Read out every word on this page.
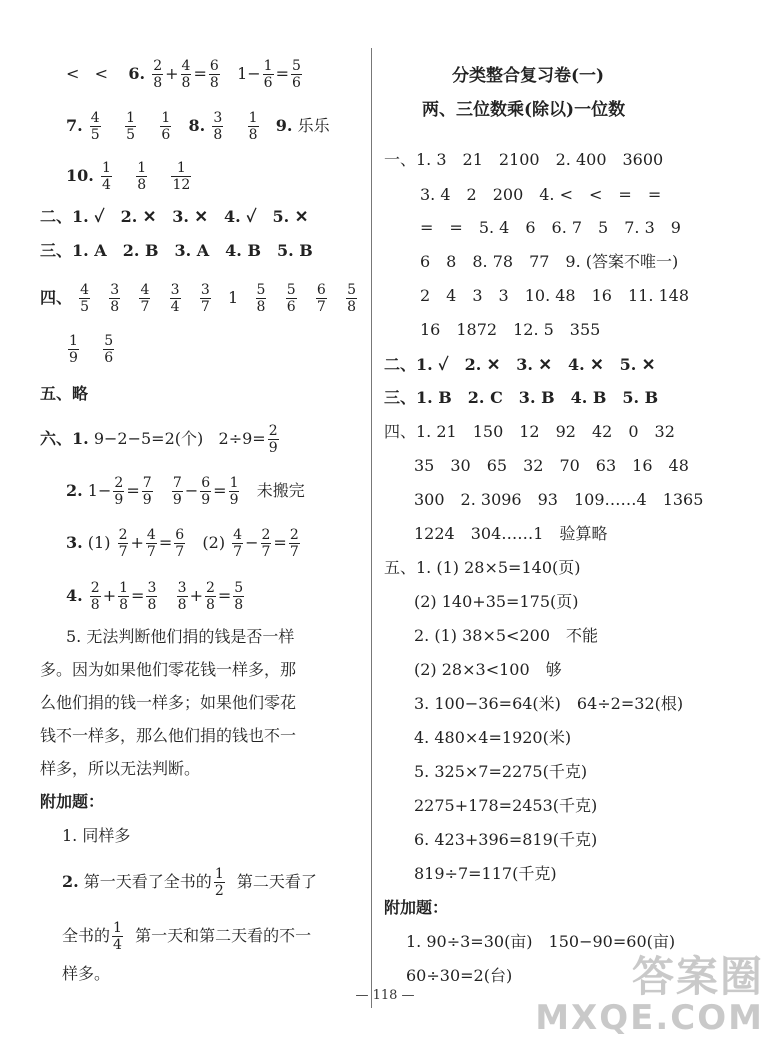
< < 6. $\frac{2}{8} + \frac{4}{8} = \frac{6}{8} 1- \frac{1}{6} = \frac{5}{6}$
7. $\frac{4}{5}$
$\frac{1}{5}$
$\frac{1}{6} 8$. $\frac{3}{8}$
$\frac{1}{8} 9$. 乐乐
10. $\frac{1}{4}$
$\frac{1}{8}$
$\frac{1}{12}$
二、1. ✓　2. ✕　3. ✕　4. ✓　5. ✕
三、1. A　2. B　3. A　4. B　5. B
四、 $\frac{4}{5}$
$\frac{3}{8}$
$\frac{4}{7}$
$\frac{3}{4}$
$\frac{3}{7} 1 \frac{5}{8}$
$\frac{5}{6}$
$\frac{6}{7}$
$\frac{5}{8}$
$\frac{1}{9}$
$\frac{5}{6}$
五、略
六、1. 9−2−5=2(个) $2\div 9= \frac{2}{9}$
2. $1- \frac{2}{9} = \frac{7}{9}$
$\frac{7}{9} - \frac{6}{9} = \frac{1}{9}$ 未搬完
3. $(1) \frac{2}{7} + \frac{4}{7} = \frac{6}{7} (2) \frac{4}{7} - \frac{2}{7} = \frac{2}{7}$
4. $\frac{2}{8} + \frac{1}{8} = \frac{3}{8}$
$\frac{3}{8} + \frac{2}{8} = \frac{5}{8}$
5. 无法判断他们捐的钱是否一样
多。因为如果他们零花钱一样多，那
么他们捐的钱一样多；如果他们零花
钱不一样多，那么他们捐的钱也不一
样多，所以无法判断。
附加题：
1. 同样多
2. 第一天看了全书的 $\frac{1}{2}$ 第二天看了
全书的 $\frac{1}{4}$ 第一天和第二天看的不一
样多。
分类整合复习卷(一)
两、三位数乘(除以)一位数
一、1. 3　21　2100　2. 400　3600
3. 4　2　200　4. <　<　=　=
=　=　5. 4　6　6. 7　5　7. 3　9
6　8　8. 78　77　9. (答案不唯一)
2　4　3　3　10. 48　16　11. 148
16　1872　12. 5　355
二、1. ✓　2. ✕　3. ✕　4. ✕　5. ✕
三、1. B　2. C　3. B　4. B　5. B
四、1. 21　150　12　92　42　0　32
35　30　65　32　70　63　16　48
300　2. 3096　93　109……4　1365
1224　304……1　验算略
五、1. (1) 28×5=140(页)
(2) 140+35=175(页)
2. (1) 38×5<200　不能
(2) 28×3<100　够
3. 100−36=64(米)　64÷2=32(根)
4. 480×4=1920(米)
5. 325×7=2275(千克)
2275+178=2453(千克)
6. 423+396=819(千克)
819÷7=117(千克)
附加题：
1. 90÷3=30(亩)　150−90=60(亩)
60÷30=2(台)
— 118 —	答案圈
MXQE.COM
